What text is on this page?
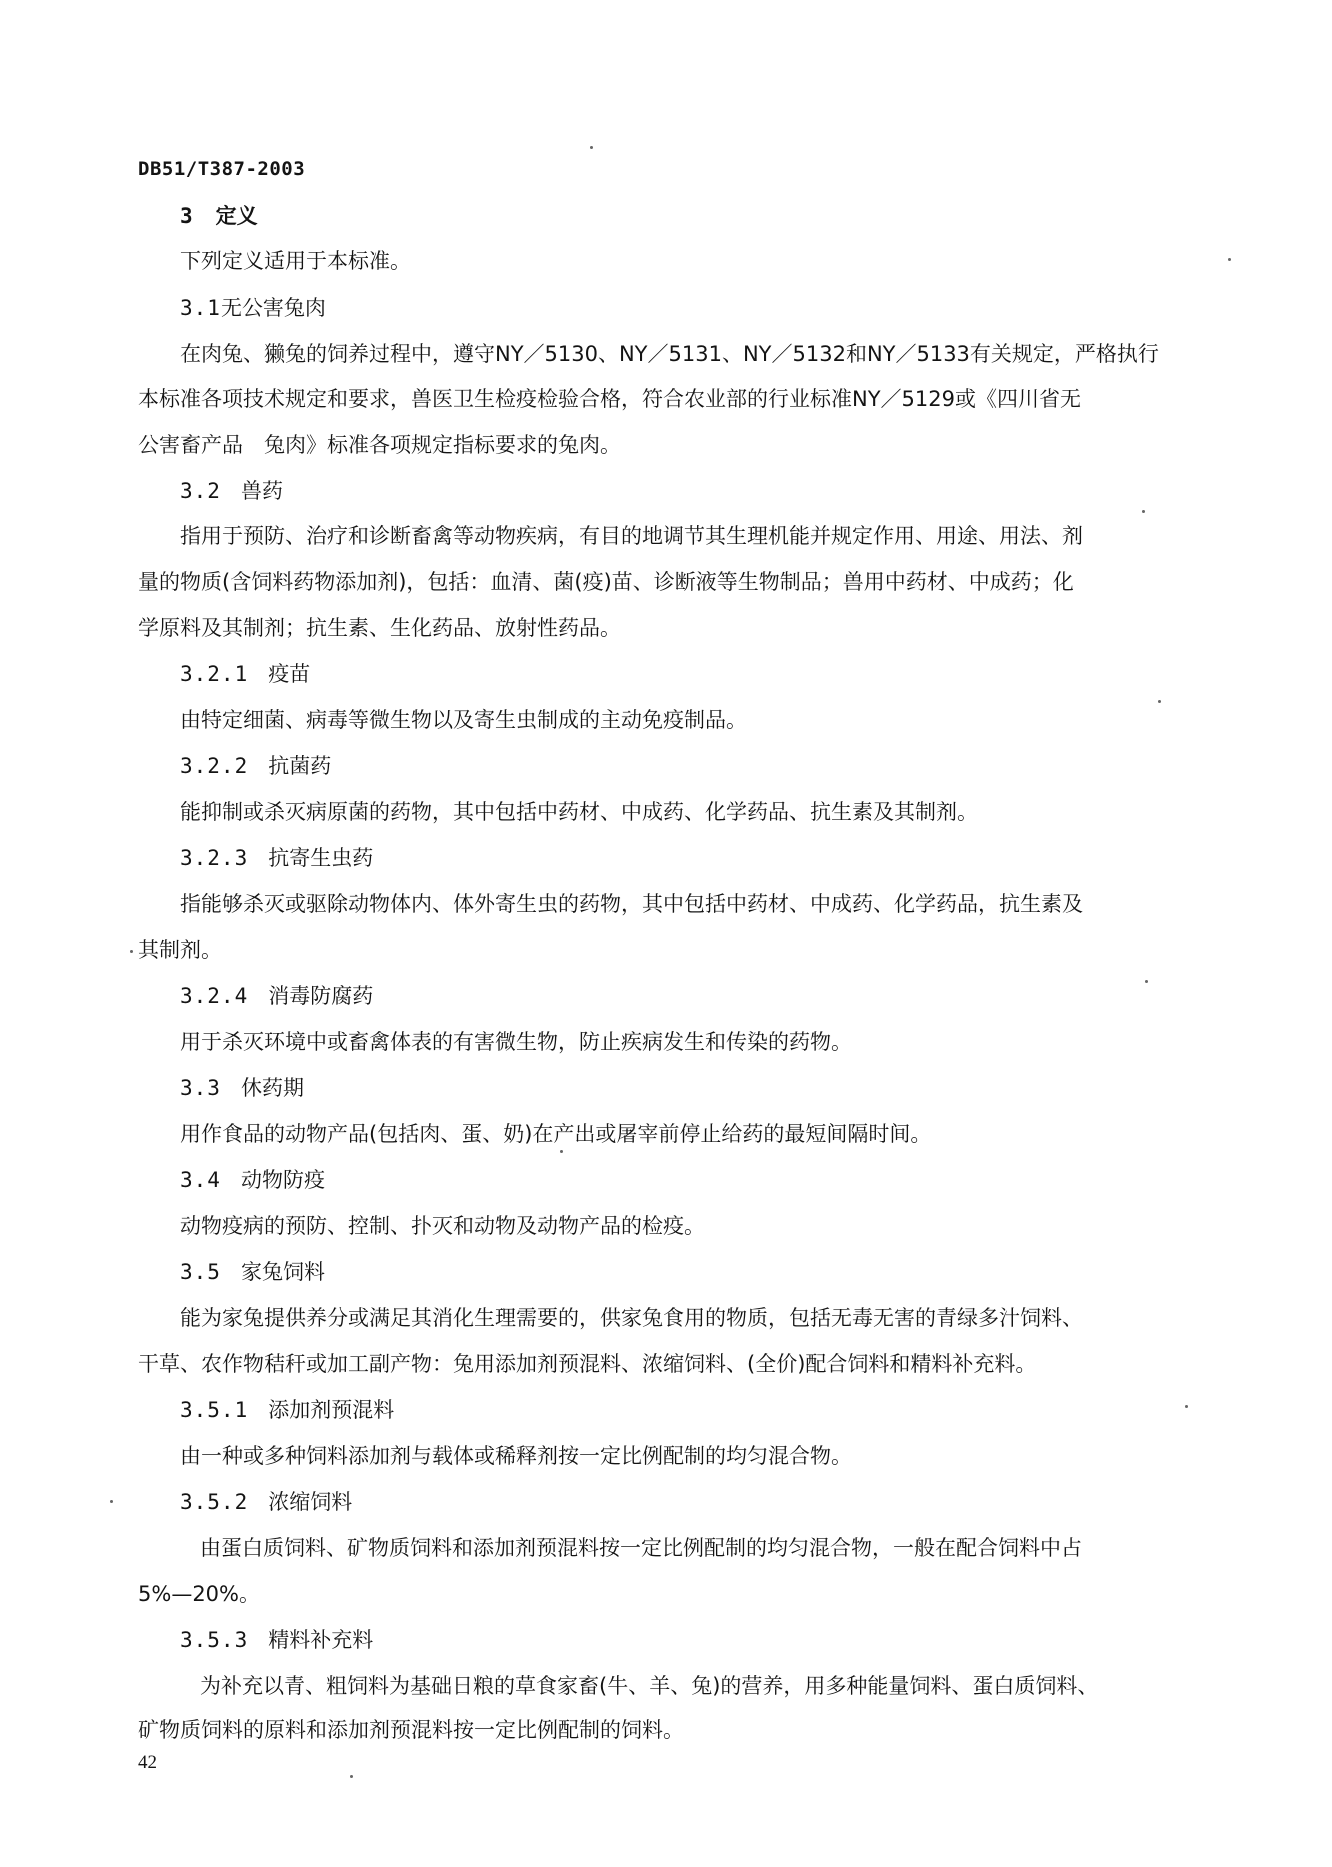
DB51/T387-2003
3 定义
下列定义适用于本标准。
3.1无公害兔肉
在肉兔、獭兔的饲养过程中，遵守NY／5130、NY／5131、NY／5132和NY／5133有关规定，严格执行
本标准各项技术规定和要求，兽医卫生检疫检验合格，符合农业部的行业标准NY／5129或《四川省无
公害畜产品　兔肉》标准各项规定指标要求的兔肉。
3.2 兽药
指用于预防、治疗和诊断畜禽等动物疾病，有目的地调节其生理机能并规定作用、用途、用法、剂
量的物质(含饲料药物添加剂)，包括：血清、菌(疫)苗、诊断液等生物制品；兽用中药材、中成药；化
学原料及其制剂；抗生素、生化药品、放射性药品。
3.2.1 疫苗
由特定细菌、病毒等微生物以及寄生虫制成的主动免疫制品。
3.2.2 抗菌药
能抑制或杀灭病原菌的药物，其中包括中药材、中成药、化学药品、抗生素及其制剂。
3.2.3 抗寄生虫药
指能够杀灭或驱除动物体内、体外寄生虫的药物，其中包括中药材、中成药、化学药品，抗生素及
其制剂。
3.2.4 消毒防腐药
用于杀灭环境中或畜禽体表的有害微生物，防止疾病发生和传染的药物。
3.3 休药期
用作食品的动物产品(包括肉、蛋、奶)在产出或屠宰前停止给药的最短间隔时间。
3.4 动物防疫
动物疫病的预防、控制、扑灭和动物及动物产品的检疫。
3.5 家兔饲料
能为家兔提供养分或满足其消化生理需要的，供家兔食用的物质，包括无毒无害的青绿多汁饲料、
干草、农作物秸秆或加工副产物：兔用添加剂预混料、浓缩饲料、(全价)配合饲料和精料补充料。
3.5.1 添加剂预混料
由一种或多种饲料添加剂与载体或稀释剂按一定比例配制的均匀混合物。
3.5.2 浓缩饲料
由蛋白质饲料、矿物质饲料和添加剂预混料按一定比例配制的均匀混合物，一般在配合饲料中占
5%—20%。
3.5.3 精料补充料
为补充以青、粗饲料为基础日粮的草食家畜(牛、羊、兔)的营养，用多种能量饲料、蛋白质饲料、
矿物质饲料的原料和添加剂预混料按一定比例配制的饲料。
42
